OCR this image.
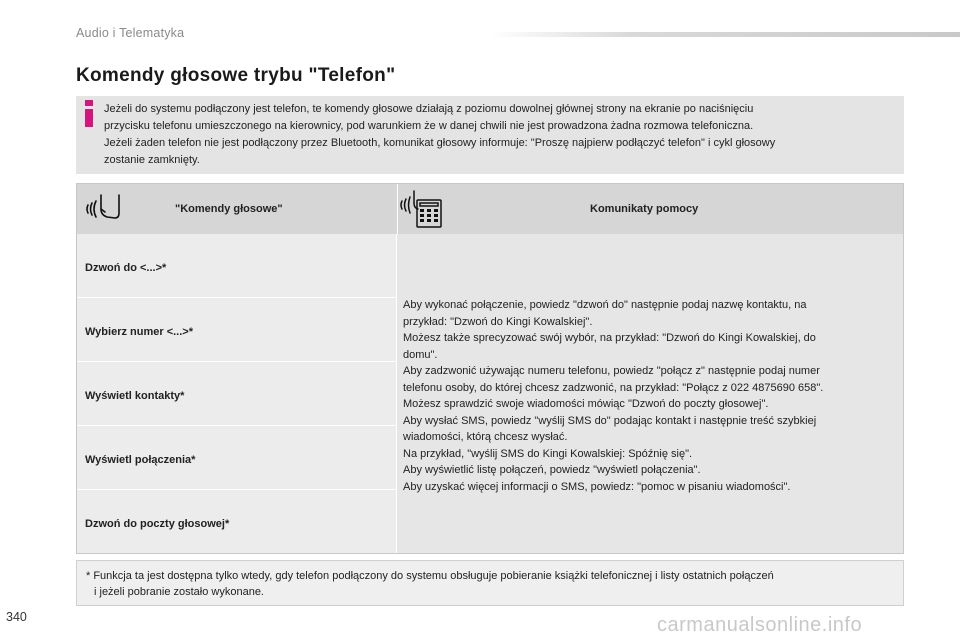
Audio i Telematyka
Komendy głosowe trybu "Telefon"
Jeżeli do systemu podłączony jest telefon, te komendy głosowe działają z poziomu dowolnej głównej strony na ekranie po naciśnięciu
przycisku telefonu umieszczonego na kierownicy, pod warunkiem że w danej chwili nie jest prowadzona żadna rozmowa telefoniczna.
Jeżeli żaden telefon nie jest podłączony przez Bluetooth, komunikat głosowy informuje: "Proszę najpierw podłączyć telefon" i cykl głosowy
zostanie zamknięty.
"Komendy głosowe"	Komunikaty pomocy
Dzwoń do <...>*
Wybierz numer <...>*
Wyświetl kontakty*
Wyświetl połączenia*
Dzwoń do poczty głosowej*
Aby wykonać połączenie, powiedz "dzwoń do" następnie podaj nazwę kontaktu, na
przykład: "Dzwoń do Kingi Kowalskiej".
Możesz także sprecyzować swój wybór, na przykład: "Dzwoń do Kingi Kowalskiej, do
domu".
Aby zadzwonić używając numeru telefonu, powiedz "połącz z" następnie podaj numer
telefonu osoby, do której chcesz zadzwonić, na przykład: "Połącz z 022 4875690 658".
Możesz sprawdzić swoje wiadomości mówiąc "Dzwoń do poczty głosowej".
Aby wysłać SMS, powiedz "wyślij SMS do" podając kontakt i następnie treść szybkiej
wiadomości, którą chcesz wysłać.
Na przykład, "wyślij SMS do Kingi Kowalskiej: Spóźnię się".
Aby wyświetlić listę połączeń, powiedz "wyświetl połączenia".
Aby uzyskać więcej informacji o SMS, powiedz: "pomoc w pisaniu wiadomości".
* Funkcja ta jest dostępna tylko wtedy, gdy telefon podłączony do systemu obsługuje pobieranie książki telefonicznej i listy ostatnich połączeń
i jeżeli pobranie zostało wykonane.
340	carmanualsonline.info
